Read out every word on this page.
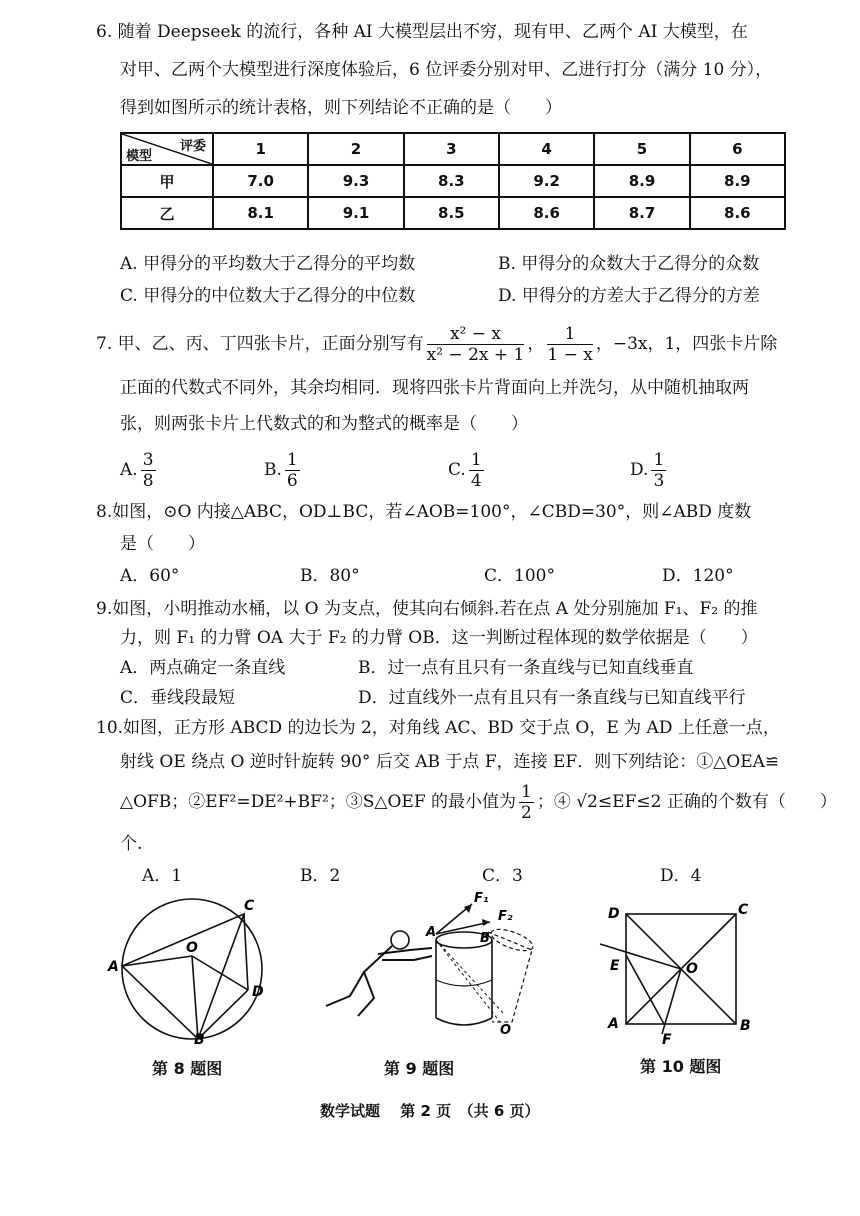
6. 随着 Deepseek 的流行，各种 AI 大模型层出不穷，现有甲、乙两个 AI 大模型，在
对甲、乙两个大模型进行深度体验后，6 位评委分别对甲、乙进行打分（满分 10 分），
得到如图所示的统计表格，则下列结论不正确的是（　　）
评委
模型	1	2	3	4	5	6
甲	7.0	9.3	8.3	9.2	8.9	8.9
乙	8.1	9.1	8.5	8.6	8.7	8.6
A. 甲得分的平均数大于乙得分的平均数	B. 甲得分的众数大于乙得分的众数
C. 甲得分的中位数大于乙得分的中位数	D. 甲得分的方差大于乙得分的方差
7. 甲、乙、丙、丁四张卡片，正面分别写有 $\frac{\text{x² − x}}{\text{x² − 2x + 1}}$ ， $\frac{1}{1 - x}$ ，−3x，1，四张卡片除
正面的代数式不同外，其余均相同．现将四张卡片背面向上并洗匀，从中随机抽取两
张，则两张卡片上代数式的和为整式的概率是（　　）
A. $\frac{3}{8}$	B. $\frac{1}{6}$	C. $\frac{1}{4}$	D. $\frac{1}{3}$
8.如图，⊙O 内接△ABC，OD⊥BC，若∠AOB=100°，∠CBD=30°，则∠ABD 度数
是（　　）
A．60°	B．80°	C．100°	D．120°
9.如图，小明推动水桶，以 O 为支点，使其向右倾斜.若在点 A 处分别施加 F₁、F₂ 的推
力，则 F₁ 的力臂 OA 大于 F₂ 的力臂 OB．这一判断过程体现的数学依据是（　　）
A．两点确定一条直线	B．过一点有且只有一条直线与已知直线垂直
C．垂线段最短	D．过直线外一点有且只有一条直线与已知直线平行
10.如图，正方形 ABCD 的边长为 2，对角线 AC、BD 交于点 O，E 为 AD 上任意一点，
射线 OE 绕点 O 逆时针旋转 90° 后交 AB 于点 F，连接 EF．则下列结论：①△OEA≌
△OFB；②EF²=DE²+BF²；③S△OEF 的最小值为 $\frac{1}{2}$ ；④ √2≤EF≤2 正确的个数有（　　）
个.
A．1	B．2	C．3	D．4
A
B
C
D
O
第 8 题图
F₁
F₂
A	B
O
第 9 题图
D	C
E	O
A	B
F
第 10 题图
数学试题　 第 2 页　（共 6 页）
